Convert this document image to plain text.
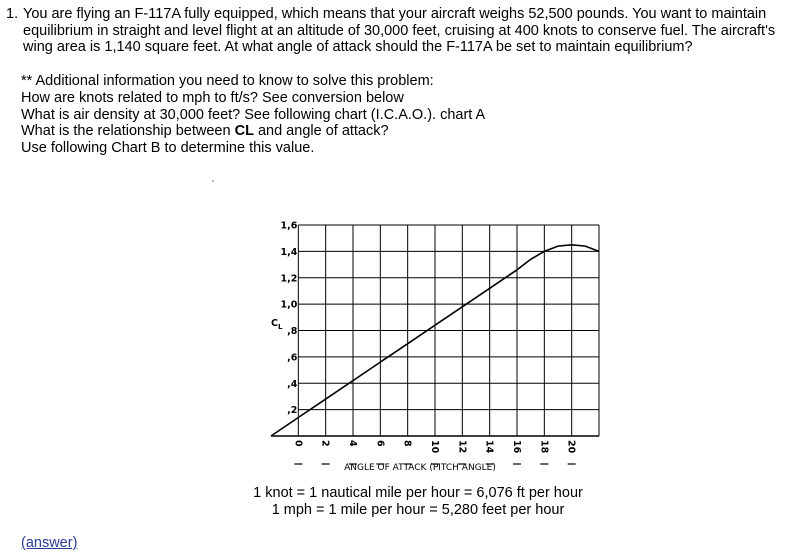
1. You are flying an F-117A fully equipped, which means that your aircraft weighs 52,500 pounds. You want to maintain equilibrium in straight and level flight at an altitude of 30,000 feet, cruising at 400 knots to conserve fuel. The aircraft's wing area is 1,140 square feet. At what angle of attack should the F-117A be set to maintain equilibrium?
** Additional information you need to know to solve this problem:
How are knots related to mph to ft/s? See conversion below
What is air density at 30,000 feet? See following chart (I.C.A.O.). chart A
What is the relationship between CL and angle of attack?
Use following Chart B to determine this value.
1,6
1,4
1,2
1,0
,8
,6
,4
,2
$C_L$
0 2 4 6 8 10 12 14 16 18 20
ANGLE OF ATTACK (PITCH ANGLE)
1 knot = 1 nautical mile per hour = 6,076 ft per hour
1 mph = 1 mile per hour = 5,280 feet per hour
(answer)
